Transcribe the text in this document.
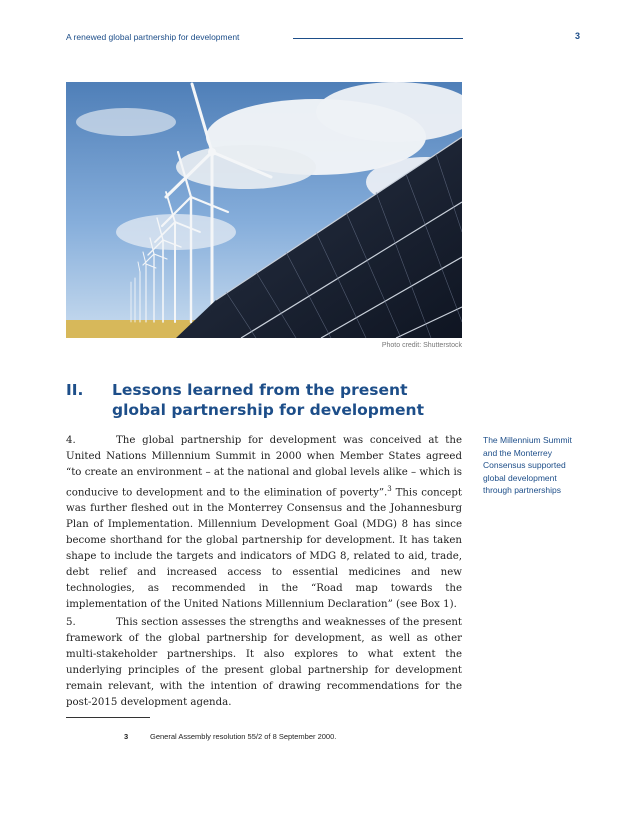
A renewed global partnership for development	3
Photo credit: Shutterstock
II. Lessons learned from the present global partnership for development

4.	The global partnership for development was conceived at the United Nations Millennium Summit in 2000 when Member States agreed “to create an environment – at the national and global levels alike – which is conducive to development and to the elimination of poverty”.$^3$ This concept was further fleshed out in the Monterrey Consensus and the Johannesburg Plan of Implementation. Millennium Development Goal (MDG) 8 has since become shorthand for the global partnership for development. It has taken shape to include the targets and indicators of MDG 8, related to aid, trade, debt relief and increased access to essential medicines and new technologies, as recommended in the “Road map towards the implementation of the United Nations Millennium Declaration” (see Box 1).

5.	This section assesses the strengths and weaknesses of the present framework of the global partnership for development, as well as other multi-stakeholder partnerships. It also explores to what extent the underlying principles of the present global partnership for development remain relevant, with the intention of drawing recommendations for the post-2015 development agenda.

The Millennium Summit and the Monterrey Consensus supported global development through partnerships
3	General Assembly resolution 55/2 of 8 September 2000.
